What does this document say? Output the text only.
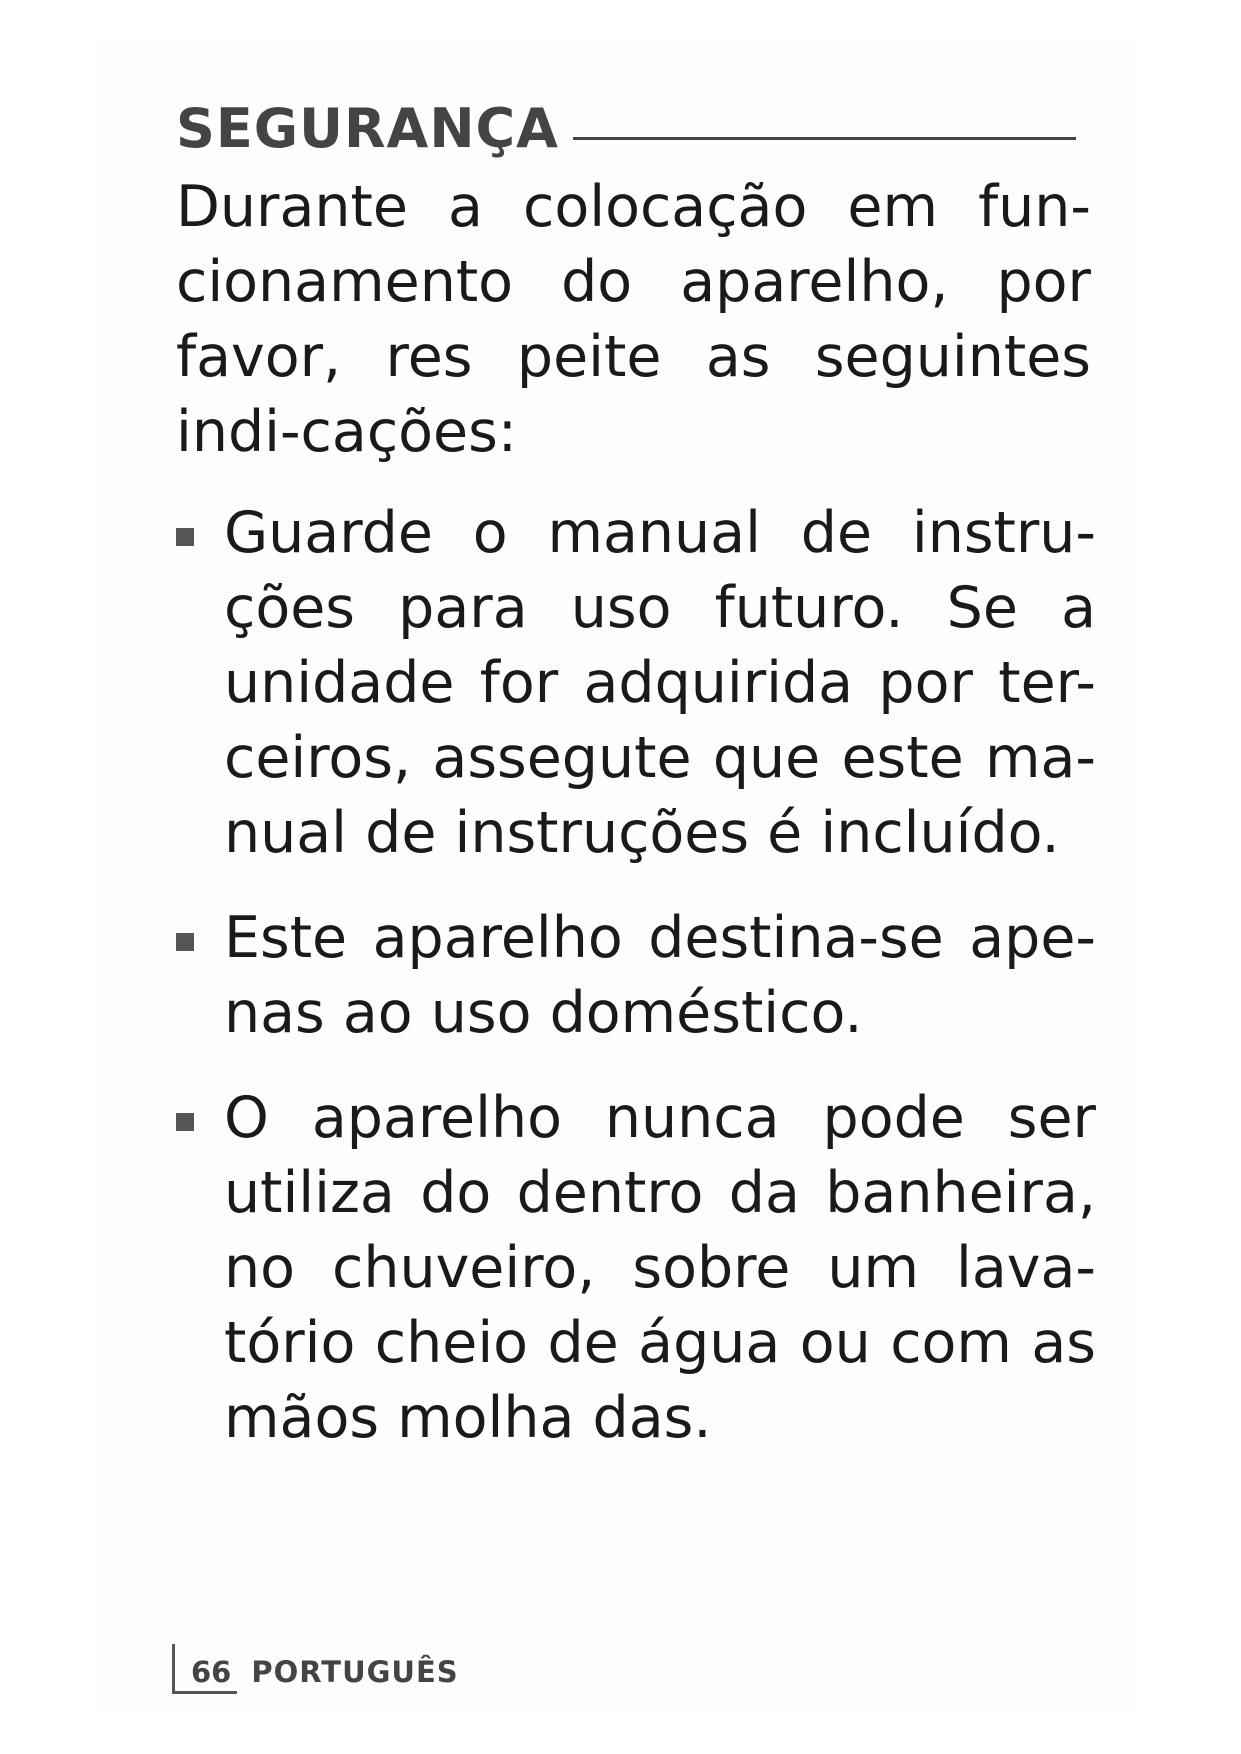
SEGURANÇA

Durante a colocação em fun-cionamento do aparelho, por favor, res peite as seguintes indi-cações:

Guarde o manual de instru-ções para uso futuro. Se a unidade for adquirida por ter-ceiros, assegute que este ma-nual de instruções é incluído.
Este aparelho destina-se ape-nas ao uso doméstico.
O aparelho nunca pode ser utiliza do dentro da banheira, no chuveiro, sobre um lava-tório cheio de água ou com as mãos molha das.
66 PORTUGUÊS
